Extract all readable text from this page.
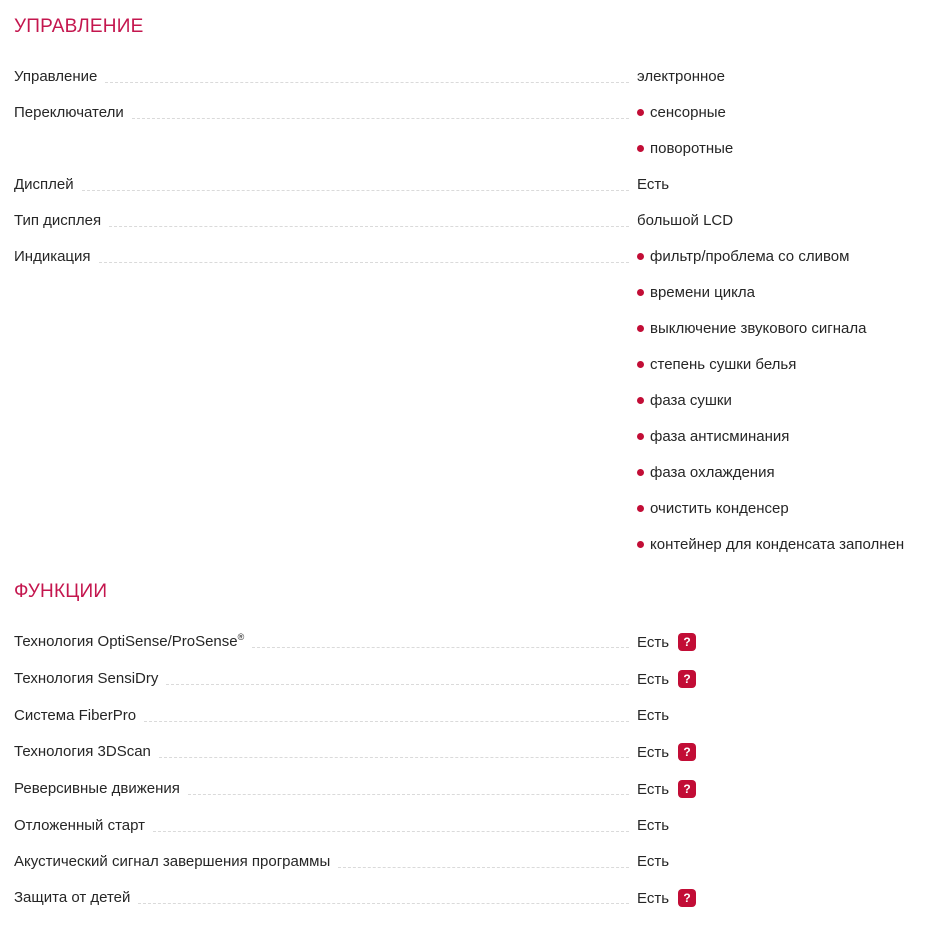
УПРАВЛЕНИЕ
Управление	электронное
Переключатели	сенсорные
поворотные
Дисплей	Есть
Тип дисплея	большой LCD
Индикация	фильтр/проблема со сливом
времени цикла
выключение звукового сигнала
степень сушки белья
фаза сушки
фаза антисминания
фаза охлаждения
очистить конденсер
контейнер для конденсата заполнен
ФУНКЦИИ
Технология OptiSense/ProSense®	Есть	?
Технология SensiDry	Есть	?
Система FiberPro	Есть
Технология 3DScan	Есть	?
Реверсивные движения	Есть	?
Отложенный старт	Есть
Акустический сигнал завершения программы	Есть
Защита от детей	Есть	?
